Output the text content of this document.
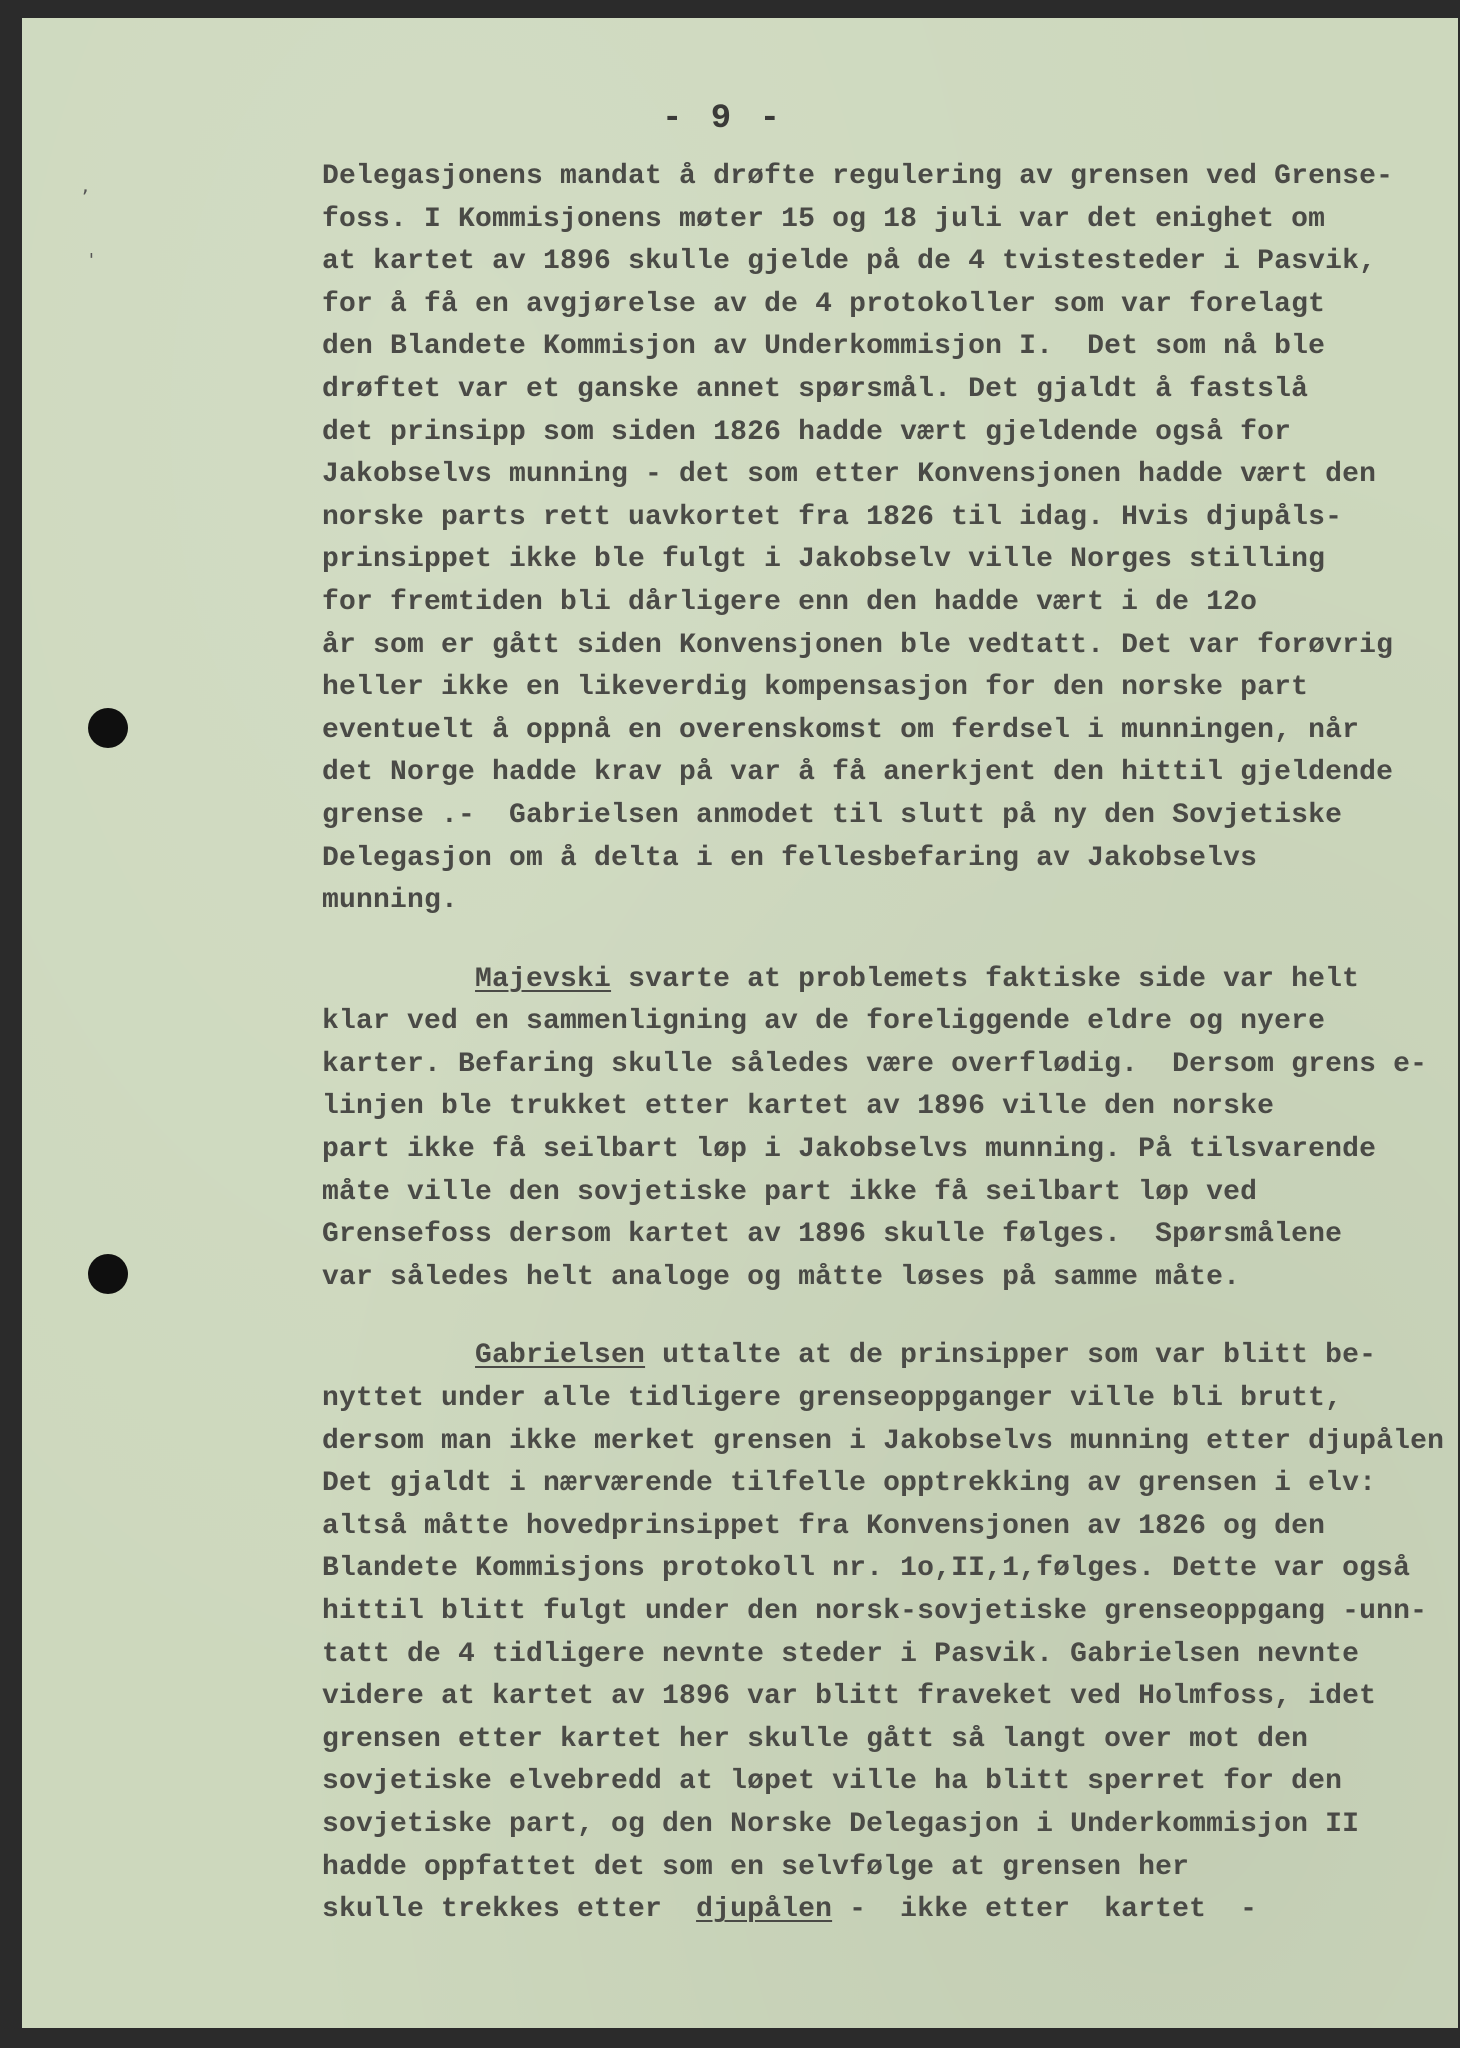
,
'
- 9 -
Delegasjonens mandat å drøfte regulering av grensen ved Grense-
foss. I Kommisjonens møter 15 og 18 juli var det enighet om
at kartet av 1896 skulle gjelde på de 4 tvistesteder i Pasvik,
for å få en avgjørelse av de 4 protokoller som var forelagt
den Blandete Kommisjon av Underkommisjon I.  Det som nå ble
drøftet var et ganske annet spørsmål. Det gjaldt å fastslå
det prinsipp som siden 1826 hadde vært gjeldende også for
Jakobselvs munning - det som etter Konvensjonen hadde vært den
norske parts rett uavkortet fra 1826 til idag. Hvis djupåls-
prinsippet ikke ble fulgt i Jakobselv ville Norges stilling
for fremtiden bli dårligere enn den hadde vært i de 12o
år som er gått siden Konvensjonen ble vedtatt. Det var forøvrig
heller ikke en likeverdig kompensasjon for den norske part
eventuelt å oppnå en overenskomst om ferdsel i munningen, når
det Norge hadde krav på var å få anerkjent den hittil gjeldende
grense .-  Gabrielsen anmodet til slutt på ny den Sovjetiske
Delegasjon om å delta i en fellesbefaring av Jakobselvs
munning.
Majevski svarte at problemets faktiske side var helt
klar ved en sammenligning av de foreliggende eldre og nyere
karter. Befaring skulle således være overflødig.  Dersom grens e-
linjen ble trukket etter kartet av 1896 ville den norske
part ikke få seilbart løp i Jakobselvs munning. På tilsvarende
måte ville den sovjetiske part ikke få seilbart løp ved
Grensefoss dersom kartet av 1896 skulle følges.  Spørsmålene
var således helt analoge og måtte løses på samme måte.
Gabrielsen uttalte at de prinsipper som var blitt be-
nyttet under alle tidligere grenseoppganger ville bli brutt,
dersom man ikke merket grensen i Jakobselvs munning etter djupålen
Det gjaldt i nærværende tilfelle opptrekking av grensen i elv:
altså måtte hovedprinsippet fra Konvensjonen av 1826 og den
Blandete Kommisjons protokoll nr. 1o,II,1,følges. Dette var også
hittil blitt fulgt under den norsk-sovjetiske grenseoppgang -unn-
tatt de 4 tidligere nevnte steder i Pasvik. Gabrielsen nevnte
videre at kartet av 1896 var blitt fraveket ved Holmfoss, idet
grensen etter kartet her skulle gått så langt over mot den
sovjetiske elvebredd at løpet ville ha blitt sperret for den
sovjetiske part, og den Norske Delegasjon i Underkommisjon II
hadde oppfattet det som en selvfølge at grensen her
skulle trekkes etter  djupålen -  ikke etter  kartet  -
